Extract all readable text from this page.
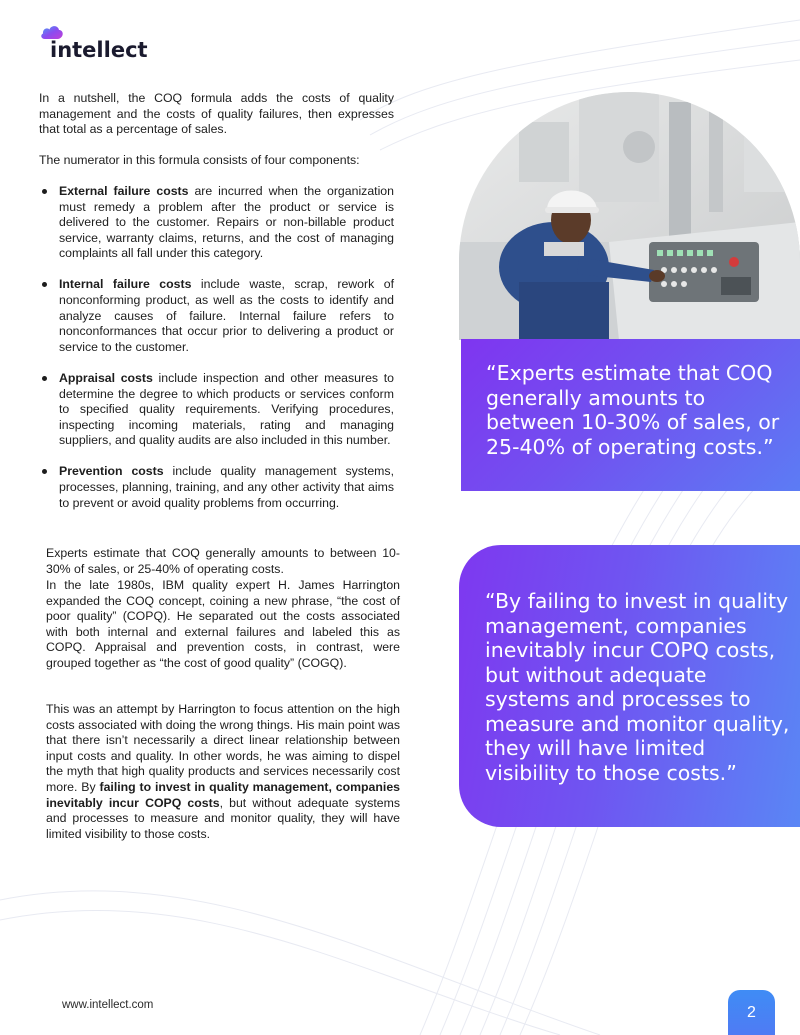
intellect

In a nutshell, the COQ formula adds the costs of quality management and the costs of quality failures, then expresses that total as a percentage of sales.

The numerator in this formula consists of four components:

External failure costs are incurred when the organization must remedy a problem after the product or service is delivered to the customer. Repairs or non-billable product service, warranty claims, returns, and the cost of managing complaints all fall under this category.

Internal failure costs include waste, scrap, rework of nonconforming product, as well as the costs to identify and analyze causes of failure. Internal failure refers to nonconformances that occur prior to delivering a product or service to the customer.

Appraisal costs include inspection and other measures to determine the degree to which products or services conform to specified quality requirements. Verifying procedures, inspecting incoming materials, rating and managing suppliers, and quality audits are also included in this number.

Prevention costs include quality management systems, processes, planning, training, and any other activity that aims to prevent or avoid quality problems from occurring.

Experts estimate that COQ generally amounts to between 10-30% of sales, or 25-40% of operating costs.

In the late 1980s, IBM quality expert H. James Harrington expanded the COQ concept, coining a new phrase, “the cost of poor quality” (COPQ). He separated out the costs associated with both internal and external failures and labeled this as COPQ. Appraisal and prevention costs, in contrast, were grouped together as “the cost of good quality” (COGQ).

This was an attempt by Harrington to focus attention on the high costs associated with doing the wrong things. His main point was that there isn’t necessarily a direct linear relationship between input costs and quality. In other words, he was aiming to dispel the myth that high quality products and services necessarily cost more. By failing to invest in quality management, companies inevitably incur COPQ costs, but without adequate systems and processes to measure and monitor quality, they will have limited visibility to those costs.

“Experts estimate that COQ generally amounts to between 10-30% of sales, or 25-40% of operating costs.”

“By failing to invest in quality management, companies inevitably incur COPQ costs, but without adequate systems and processes to measure and monitor quality, they will have limited visibility to those costs.”

www.intellect.com	2
